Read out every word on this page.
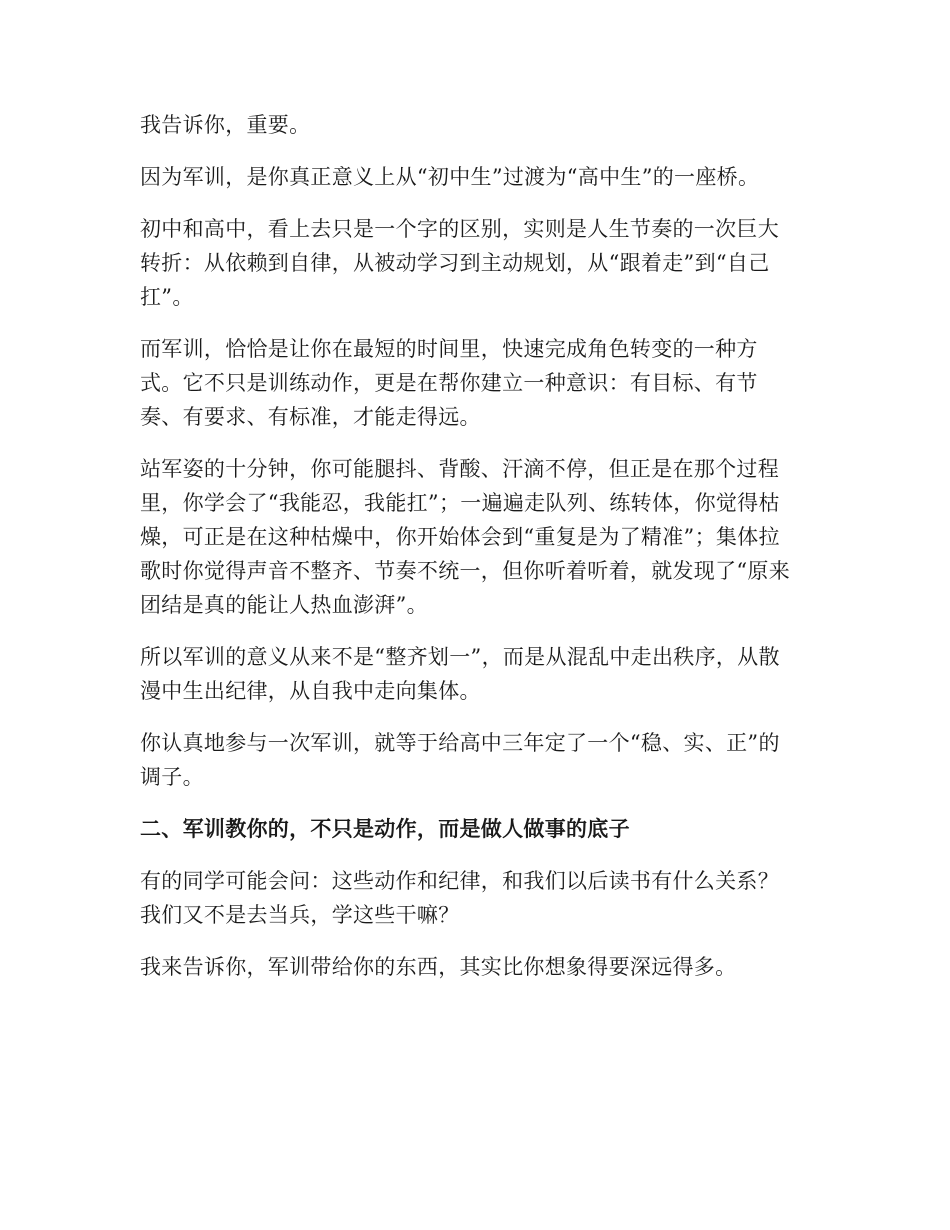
我告诉你，重要。

因为军训，是你真正意义上从“初中生”过渡为“高中生”的一座桥。

初中和高中，看上去只是一个字的区别，实则是人生节奏的一次巨大转折：从依赖到自律，从被动学习到主动规划，从“跟着走”到“自己扛”。

而军训，恰恰是让你在最短的时间里，快速完成角色转变的一种方式。它不只是训练动作，更是在帮你建立一种意识：有目标、有节奏、有要求、有标准，才能走得远。

站军姿的十分钟，你可能腿抖、背酸、汗滴不停，但正是在那个过程里，你学会了“我能忍，我能扛”；一遍遍走队列、练转体，你觉得枯燥，可正是在这种枯燥中，你开始体会到“重复是为了精准”；集体拉歌时你觉得声音不整齐、节奏不统一，但你听着听着，就发现了“原来团结是真的能让人热血澎湃”。

所以军训的意义从来不是“整齐划一”，而是从混乱中走出秩序，从散漫中生出纪律，从自我中走向集体。

你认真地参与一次军训，就等于给高中三年定了一个“稳、实、正”的调子。

二、军训教你的，不只是动作，而是做人做事的底子

有的同学可能会问：这些动作和纪律，和我们以后读书有什么关系？我们又不是去当兵，学这些干嘛？

我来告诉你，军训带给你的东西，其实比你想象得要深远得多。
